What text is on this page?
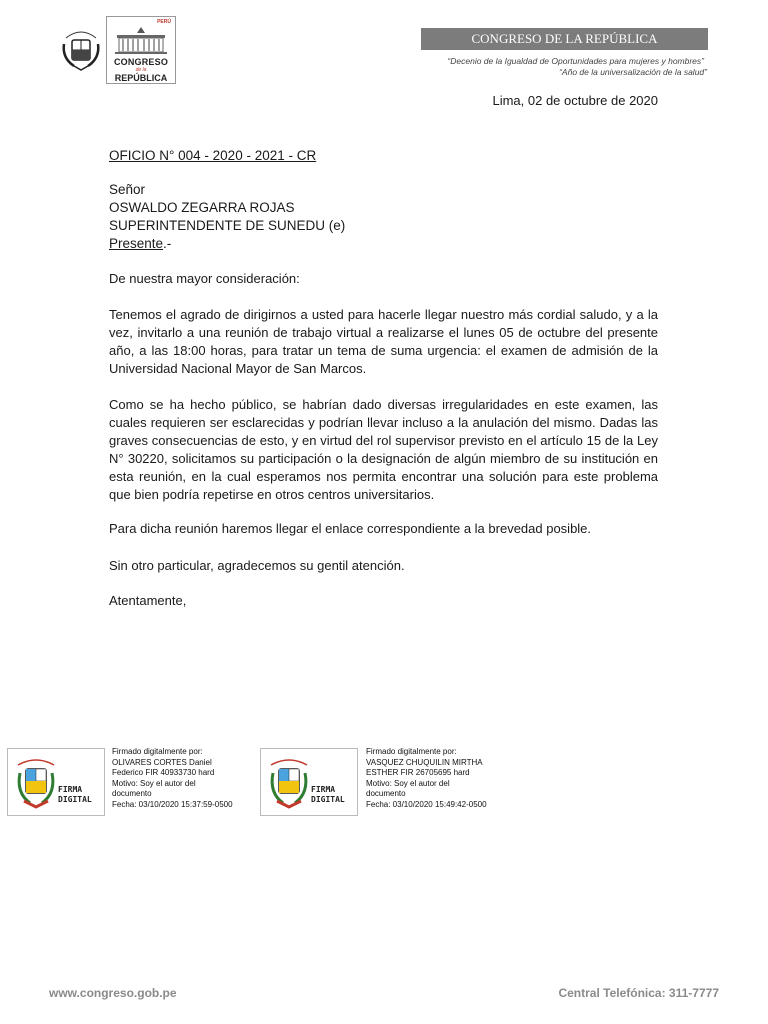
PERÚ
CONGRESO
de la
REPÚBLICA
CONGRESO DE LA REPÚBLICA
“Decenio de la Igualdad de Oportunidades para mujeres y hombres”
“Año de la universalización de la salud”
Lima, 02 de octubre de 2020
OFICIO N° 004 - 2020 - 2021 - CR
Señor
OSWALDO ZEGARRA ROJAS
SUPERINTENDENTE DE SUNEDU (e)
Presente.-
De nuestra mayor consideración:
Tenemos el agrado de dirigirnos a usted para hacerle llegar nuestro más cordial saludo, y a la vez, invitarlo a una reunión de trabajo virtual a realizarse el lunes 05 de octubre del presente año, a las 18:00 horas, para tratar un tema de suma urgencia: el examen de admisión de la Universidad Nacional Mayor de San Marcos.
Como se ha hecho público, se habrían dado diversas irregularidades en este examen, las cuales requieren ser esclarecidas y podrían llevar incluso a la anulación del mismo. Dadas las graves consecuencias de esto, y en virtud del rol supervisor previsto en el artículo 15 de la Ley N° 30220, solicitamos su participación o la designación de algún miembro de su institución en esta reunión, en la cual esperamos nos permita encontrar una solución para este problema que bien podría repetirse en otros centros universitarios.
Para dicha reunión haremos llegar el enlace correspondiente a la brevedad posible.
Sin otro particular, agradecemos su gentil atención.
Atentamente,
FIRMA
DIGITAL
Firmado digitalmente por:
OLIVARES CORTES Daniel
Federico FIR 40933730 hard
Motivo: Soy el autor del
documento
Fecha: 03/10/2020 15:37:59-0500
FIRMA
DIGITAL
Firmado digitalmente por:
VASQUEZ CHUQUILIN MIRTHA
ESTHER FIR 26705695 hard
Motivo: Soy el autor del
documento
Fecha: 03/10/2020 15:49:42-0500
www.congreso.gob.pe	Central Telefónica: 311-7777
